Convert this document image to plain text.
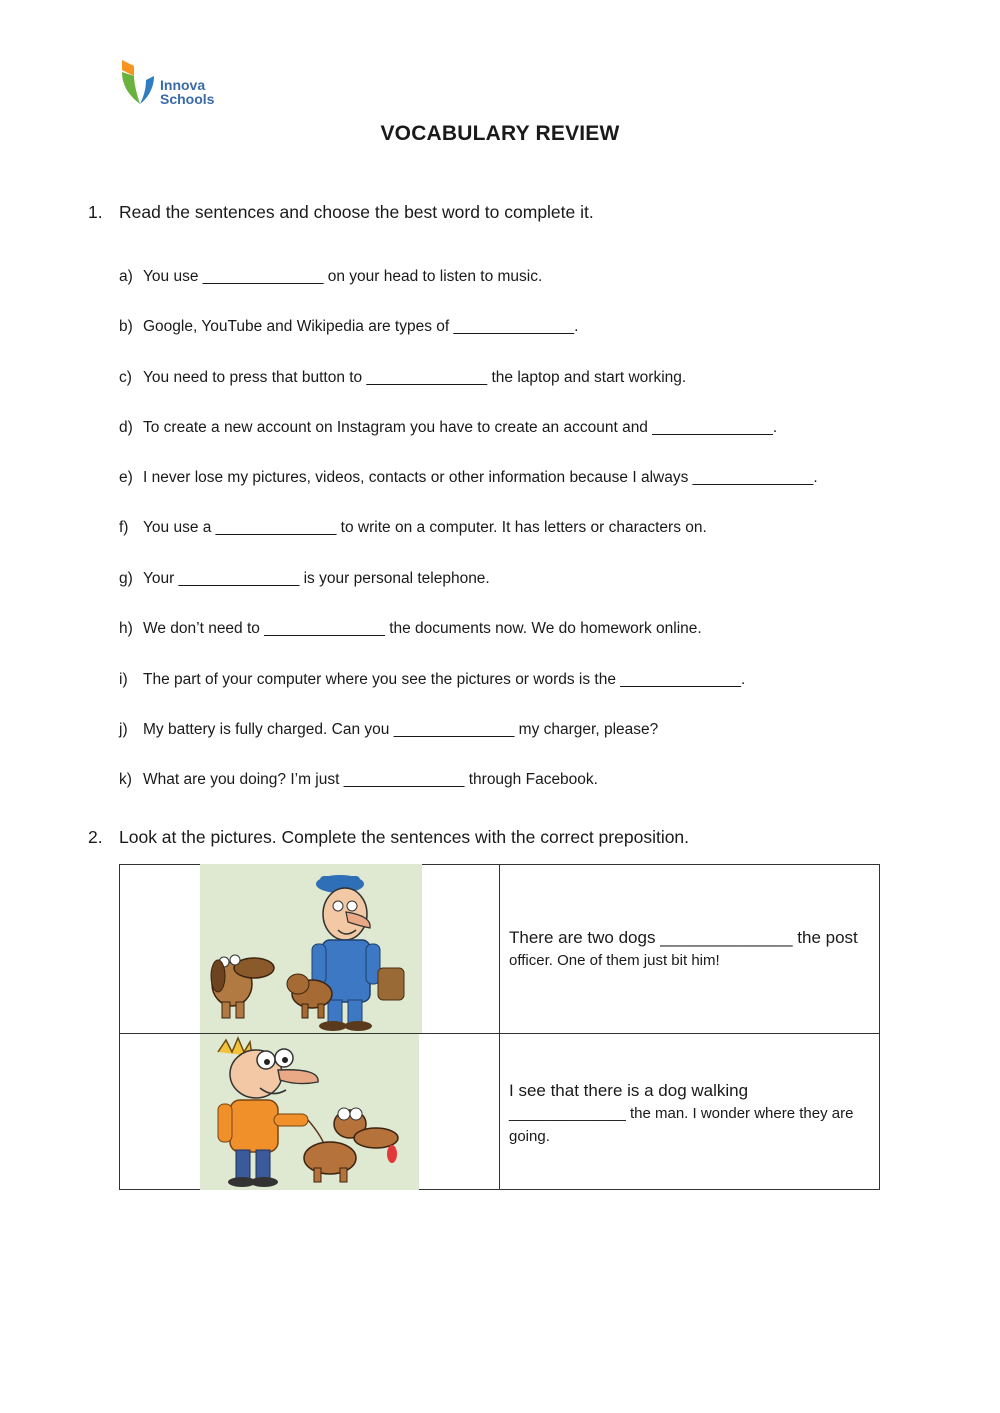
Innova
Schools
VOCABULARY REVIEW
1. Read the sentences and choose the best word to complete it.
a) You use ______________ on your head to listen to music.
b) Google, YouTube and Wikipedia are types of ______________.
c) You need to press that button to ______________ the laptop and start working.
d) To create a new account on Instagram you have to create an account and ______________.
e) I never lose my pictures, videos, contacts or other information because I always ______________.
f) You use a ______________ to write on a computer. It has letters or characters on.
g) Your ______________ is your personal telephone.
h) We don’t need to ______________ the documents now. We do homework online.
i) The part of your computer where you see the pictures or words is the ______________.
j) My battery is fully charged. Can you ______________ my charger, please?
k) What are you doing? I’m just ______________ through Facebook.
2. Look at the pictures. Complete the sentences with the correct preposition.
There are two dogs ______________ the post
officer. One of them just bit him!
I see that there is a dog walking
______________ the man. I wonder where they are going.
